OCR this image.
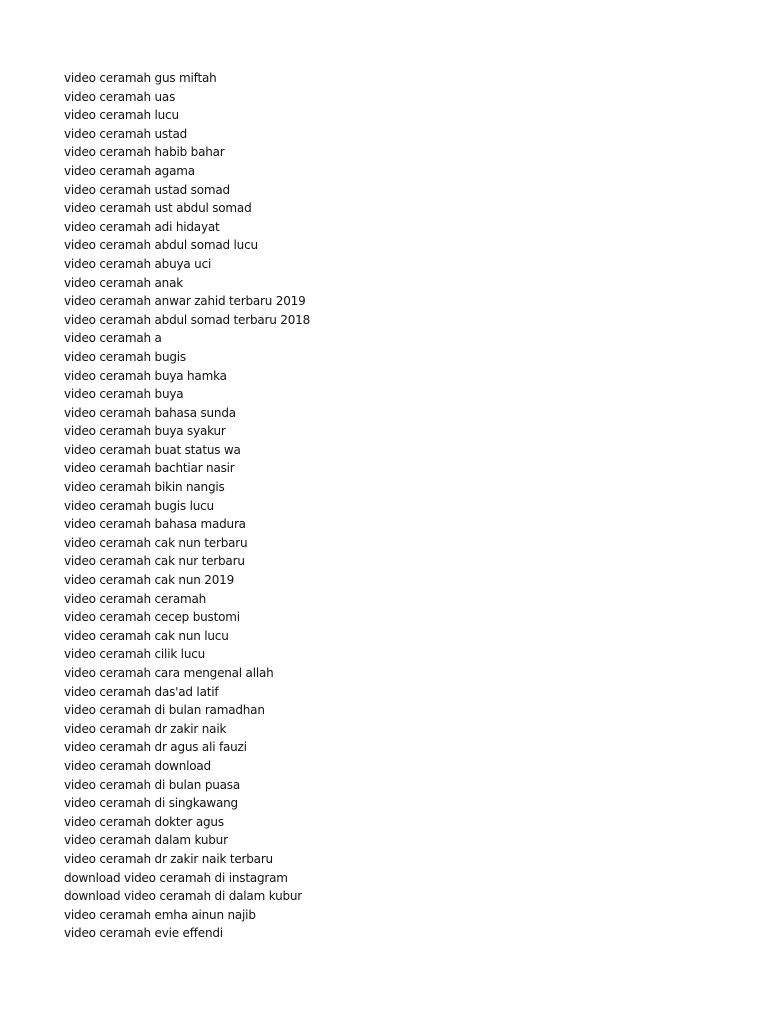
video ceramah gus miftah
video ceramah uas
video ceramah lucu
video ceramah ustad
video ceramah habib bahar
video ceramah agama
video ceramah ustad somad
video ceramah ust abdul somad
video ceramah adi hidayat
video ceramah abdul somad lucu
video ceramah abuya uci
video ceramah anak
video ceramah anwar zahid terbaru 2019
video ceramah abdul somad terbaru 2018
video ceramah a
video ceramah bugis
video ceramah buya hamka
video ceramah buya
video ceramah bahasa sunda
video ceramah buya syakur
video ceramah buat status wa
video ceramah bachtiar nasir
video ceramah bikin nangis
video ceramah bugis lucu
video ceramah bahasa madura
video ceramah cak nun terbaru
video ceramah cak nur terbaru
video ceramah cak nun 2019
video ceramah ceramah
video ceramah cecep bustomi
video ceramah cak nun lucu
video ceramah cilik lucu
video ceramah cara mengenal allah
video ceramah das'ad latif
video ceramah di bulan ramadhan
video ceramah dr zakir naik
video ceramah dr agus ali fauzi
video ceramah download
video ceramah di bulan puasa
video ceramah di singkawang
video ceramah dokter agus
video ceramah dalam kubur
video ceramah dr zakir naik terbaru
download video ceramah di instagram
download video ceramah di dalam kubur
video ceramah emha ainun najib
video ceramah evie effendi
